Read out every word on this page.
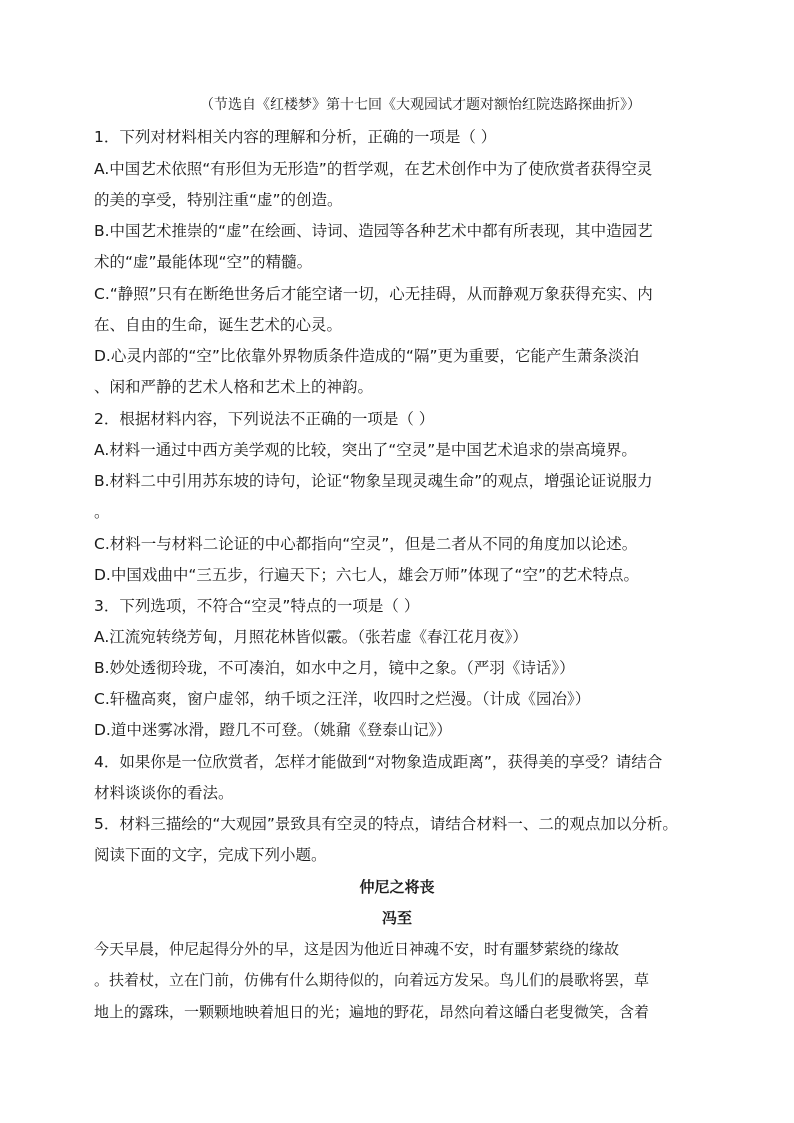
（节选自《红楼梦》第十七回《大观园试才题对额怡红院迭路探曲折》）
1．下列对材料相关内容的理解和分析，正确的一项是（ ）
A.中国艺术依照“有形但为无形造”的哲学观，在艺术创作中为了使欣赏者获得空灵
的美的享受，特别注重“虚”的创造。
B.中国艺术推崇的“虚”在绘画、诗词、造园等各种艺术中都有所表现，其中造园艺
术的“虚”最能体现“空”的精髓。
C.“静照”只有在断绝世务后才能空诸一切，心无挂碍，从而静观万象获得充实、内
在、自由的生命，诞生艺术的心灵。
D.心灵内部的“空”比依靠外界物质条件造成的“隔”更为重要，它能产生萧条淡泊
、闲和严静的艺术人格和艺术上的神韵。
2．根据材料内容，下列说法不正确的一项是（ ）
A.材料一通过中西方美学观的比较，突出了“空灵”是中国艺术追求的崇高境界。
B.材料二中引用苏东坡的诗句，论证“物象呈现灵魂生命”的观点，增强论证说服力
。
C.材料一与材料二论证的中心都指向“空灵”，但是二者从不同的角度加以论述。
D.中国戏曲中“三五步，行遍天下；六七人，雄会万师”体现了“空”的艺术特点。
3．下列选项，不符合“空灵”特点的一项是（ ）
A.江流宛转绕芳甸，月照花林皆似霰。（张若虚《春江花月夜》）
B.妙处透彻玲珑，不可凑泊，如水中之月，镜中之象。（严羽《诗话》）
C.轩楹高爽，窗户虚邻，纳千顷之汪洋，收四时之烂漫。（计成《园冶》）
D.道中迷雾冰滑，蹬几不可登。（姚鼐《登泰山记》）
4．如果你是一位欣赏者，怎样才能做到“对物象造成距离”，获得美的享受？请结合
材料谈谈你的看法。
5．材料三描绘的“大观园”景致具有空灵的特点，请结合材料一、二的观点加以分析。
阅读下面的文字，完成下列小题。
仲尼之将丧
冯至
今天早晨，仲尼起得分外的早，这是因为他近日神魂不安，时有噩梦萦绕的缘故
。扶着杖，立在门前，仿佛有什么期待似的，向着远方发呆。鸟儿们的晨歌将罢，草
地上的露珠，一颗颗地映着旭日的光；遍地的野花，昂然向着这皤白老叟微笑，含着
